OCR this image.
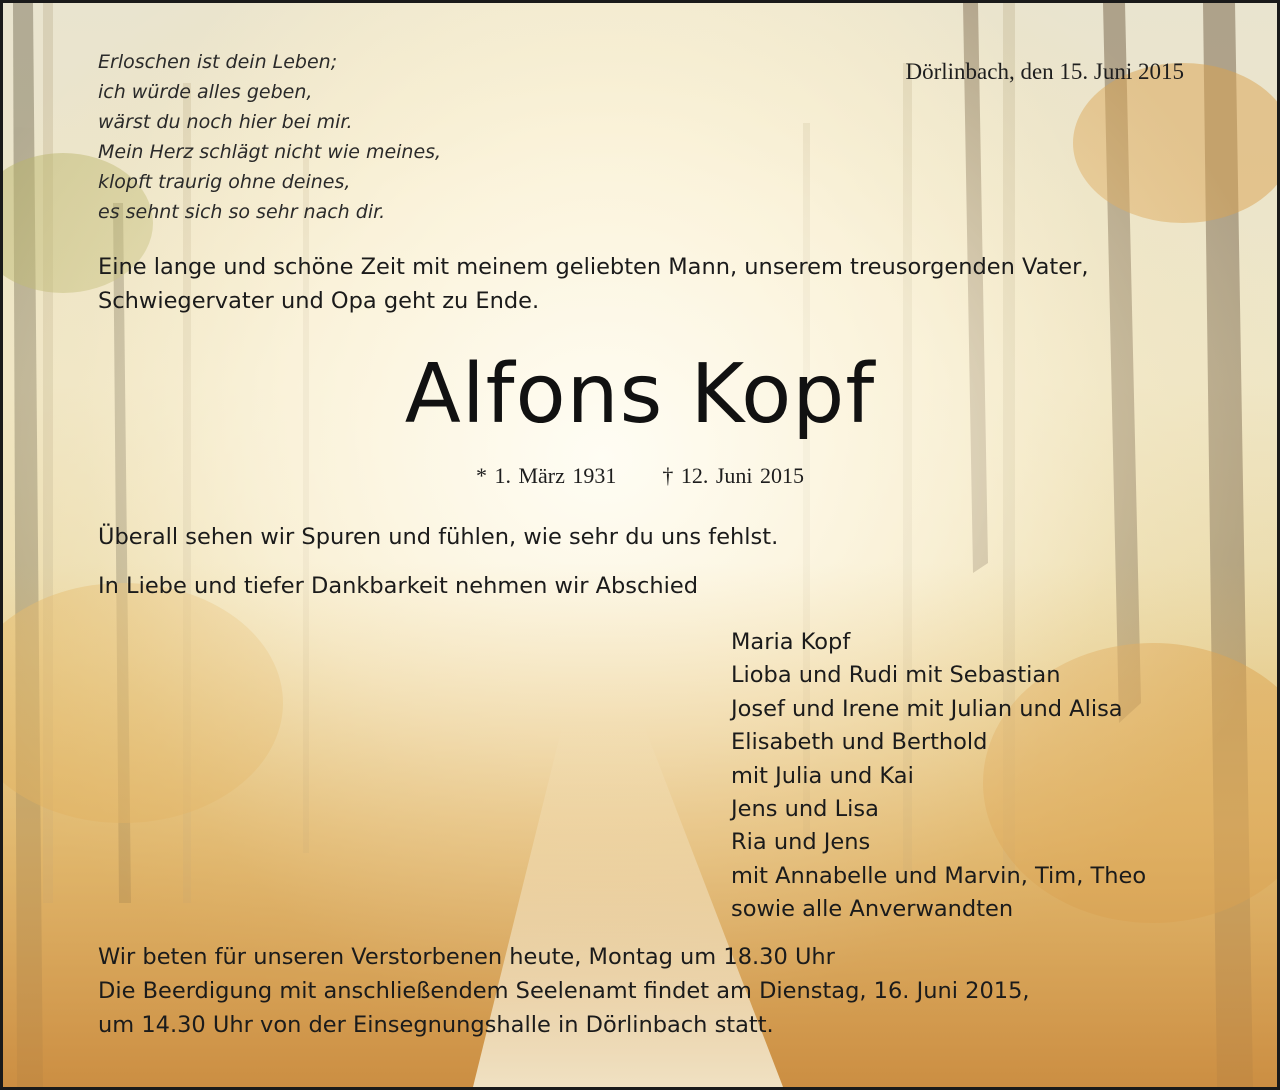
Erloschen ist dein Leben;
ich würde alles geben,
wärst du noch hier bei mir.
Mein Herz schlägt nicht wie meines,
klopft traurig ohne deines,
es sehnt sich so sehr nach dir.
Dörlinbach, den 15. Juni 2015
Eine lange und schöne Zeit mit meinem geliebten Mann, unserem treusorgenden Vater,
Schwiegervater und Opa geht zu Ende.
Alfons Kopf
* 1. März 1931 † 12. Juni 2015
Überall sehen wir Spuren und fühlen, wie sehr du uns fehlst.
In Liebe und tiefer Dankbarkeit nehmen wir Abschied
Maria Kopf
Lioba und Rudi mit Sebastian
Josef und Irene mit Julian und Alisa
Elisabeth und Berthold
mit Julia und Kai
Jens und Lisa
Ria und Jens
mit Annabelle und Marvin, Tim, Theo
sowie alle Anverwandten
Wir beten für unseren Verstorbenen heute, Montag um 18.30 Uhr
Die Beerdigung mit anschließendem Seelenamt findet am Dienstag, 16. Juni 2015,
um 14.30 Uhr von der Einsegnungshalle in Dörlinbach statt.
